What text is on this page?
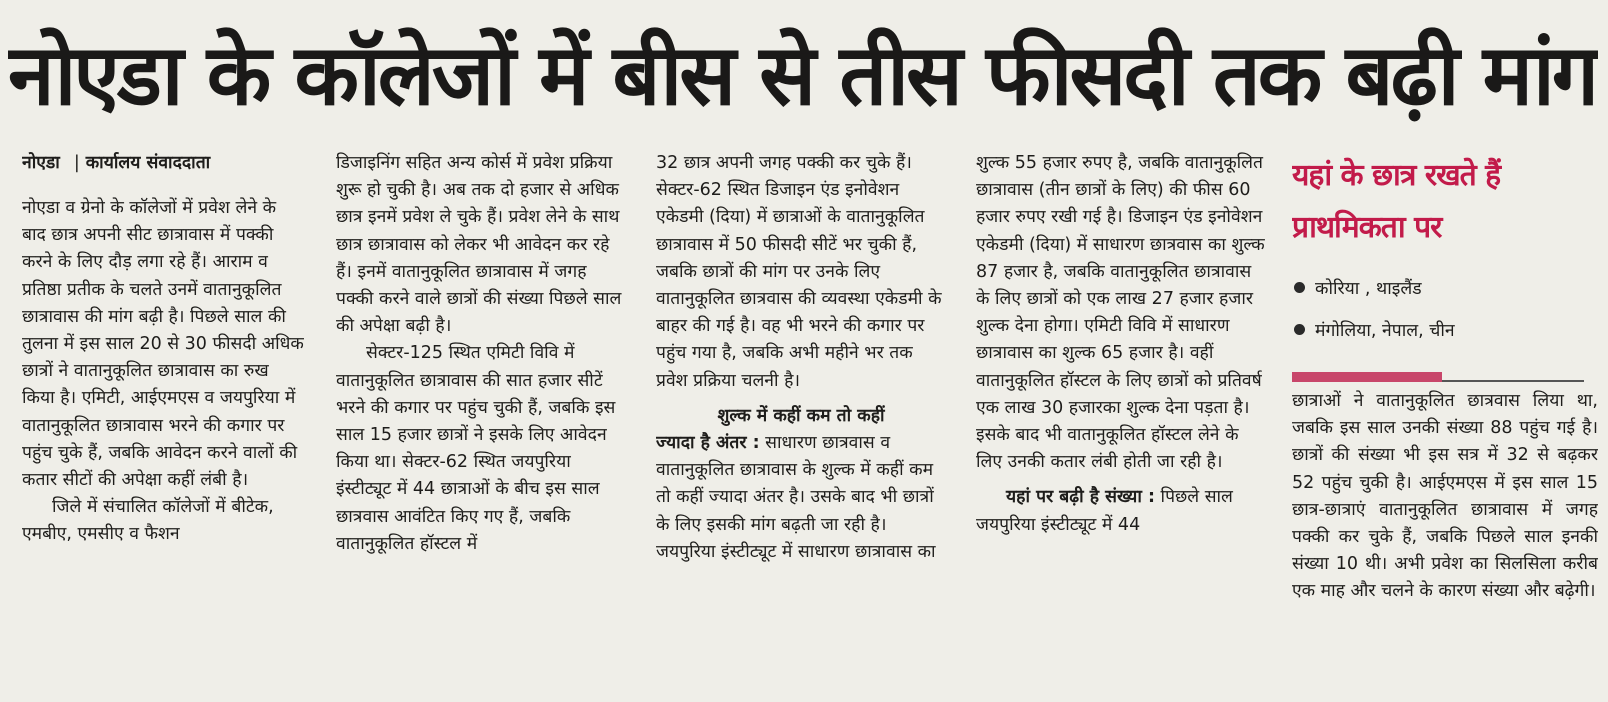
नोएडा के कॉलेजों में बीस से तीस फीसदी तक बढ़ी मांग

नोएडा | कार्यालय संवाददाता

नोएडा व ग्रेनो के कॉलेजों में प्रवेश लेने के बाद छात्र अपनी सीट छात्रावास में पक्की करने के लिए दौड़ लगा रहे हैं। आराम व प्रतिष्ठा प्रतीक के चलते उनमें वातानुकूलित छात्रावास की मांग बढ़ी है। पिछले साल की तुलना में इस साल 20 से 30 फीसदी अधिक छात्रों ने वातानुकूलित छात्रावास का रुख किया है। एमिटी, आईएमएस व जयपुरिया में वातानुकूलित छात्रावास भरने की कगार पर पहुंच चुके हैं, जबकि आवेदन करने वालों की कतार सीटों की अपेक्षा कहीं लंबी है।

जिले में संचालित कॉलेजों में बीटेक, एमबीए, एमसीए व फैशन

डिजाइनिंग सहित अन्य कोर्स में प्रवेश प्रक्रिया शुरू हो चुकी है। अब तक दो हजार से अधिक छात्र इनमें प्रवेश ले चुके हैं। प्रवेश लेने के साथ छात्र छात्रावास को लेकर भी आवेदन कर रहे हैं। इनमें वातानुकूलित छात्रावास में जगह पक्की करने वाले छात्रों की संख्या पिछले साल की अपेक्षा बढ़ी है।

सेक्टर-125 स्थित एमिटी विवि में वातानुकूलित छात्रावास की सात हजार सीटें भरने की कगार पर पहुंच चुकी हैं, जबकि इस साल 15 हजार छात्रों ने इसके लिए आवेदन किया था। सेक्टर-62 स्थित जयपुरिया इंस्टीट्यूट में 44 छात्राओं के बीच इस साल छात्रवास आवंटित किए गए हैं, जबकि वातानुकूलित हॉस्टल में

32 छात्र अपनी जगह पक्की कर चुके हैं। सेक्टर-62 स्थित डिजाइन एंड इनोवेशन एकेडमी (दिया) में छात्राओं के वातानुकूलित छात्रावास में 50 फीसदी सीटें भर चुकी हैं, जबकि छात्रों की मांग पर उनके लिए वातानुकूलित छात्रवास की व्यवस्था एकेडमी के बाहर की गई है। वह भी भरने की कगार पर पहुंच गया है, जबकि अभी महीने भर तक प्रवेश प्रक्रिया चलनी है।

शुल्क में कहीं कम तो कहीं

ज्यादा है अंतर : साधारण छात्रवास व वातानुकूलित छात्रावास के शुल्क में कहीं कम तो कहीं ज्यादा अंतर है। उसके बाद भी छात्रों के लिए इसकी मांग बढ़ती जा रही है। जयपुरिया इंस्टीट्यूट में साधारण छात्रावास का

शुल्क 55 हजार रुपए है, जबकि वातानुकूलित छात्रावास (तीन छात्रों के लिए) की फीस 60 हजार रुपए रखी गई है। डिजाइन एंड इनोवेशन एकेडमी (दिया) में साधारण छात्रवास का शुल्क 87 हजार है, जबकि वातानुकूलित छात्रावास के लिए छात्रों को एक लाख 27 हजार हजार शुल्क देना होगा। एमिटी विवि में साधारण छात्रावास का शुल्क 65 हजार है। वहीं वातानुकूलित हॉस्टल के लिए छात्रों को प्रतिवर्ष एक लाख 30 हजारका शुल्क देना पड़ता है। इसके बाद भी वातानुकूलित हॉस्टल लेने के लिए उनकी कतार लंबी होती जा रही है।

यहां पर बढ़ी है संख्या : पिछले साल जयपुरिया इंस्टीट्यूट में 44

यहां के छात्र रखते हैं
प्राथमिकता पर
कोरिया , थाइलैंड
मंगोलिया, नेपाल, चीन

छात्राओं ने वातानुकूलित छात्रवास लिया था, जबकि इस साल उनकी संख्या 88 पहुंच गई है। छात्रों की संख्या भी इस सत्र में 32 से बढ़कर 52 पहुंच चुकी है। आईएमएस में इस साल 15 छात्र-छात्राएं वातानुकूलित छात्रावास में जगह पक्की कर चुके हैं, जबकि पिछले साल इनकी संख्या 10 थी। अभी प्रवेश का सिलसिला करीब एक माह और चलने के कारण संख्या और बढ़ेगी।
